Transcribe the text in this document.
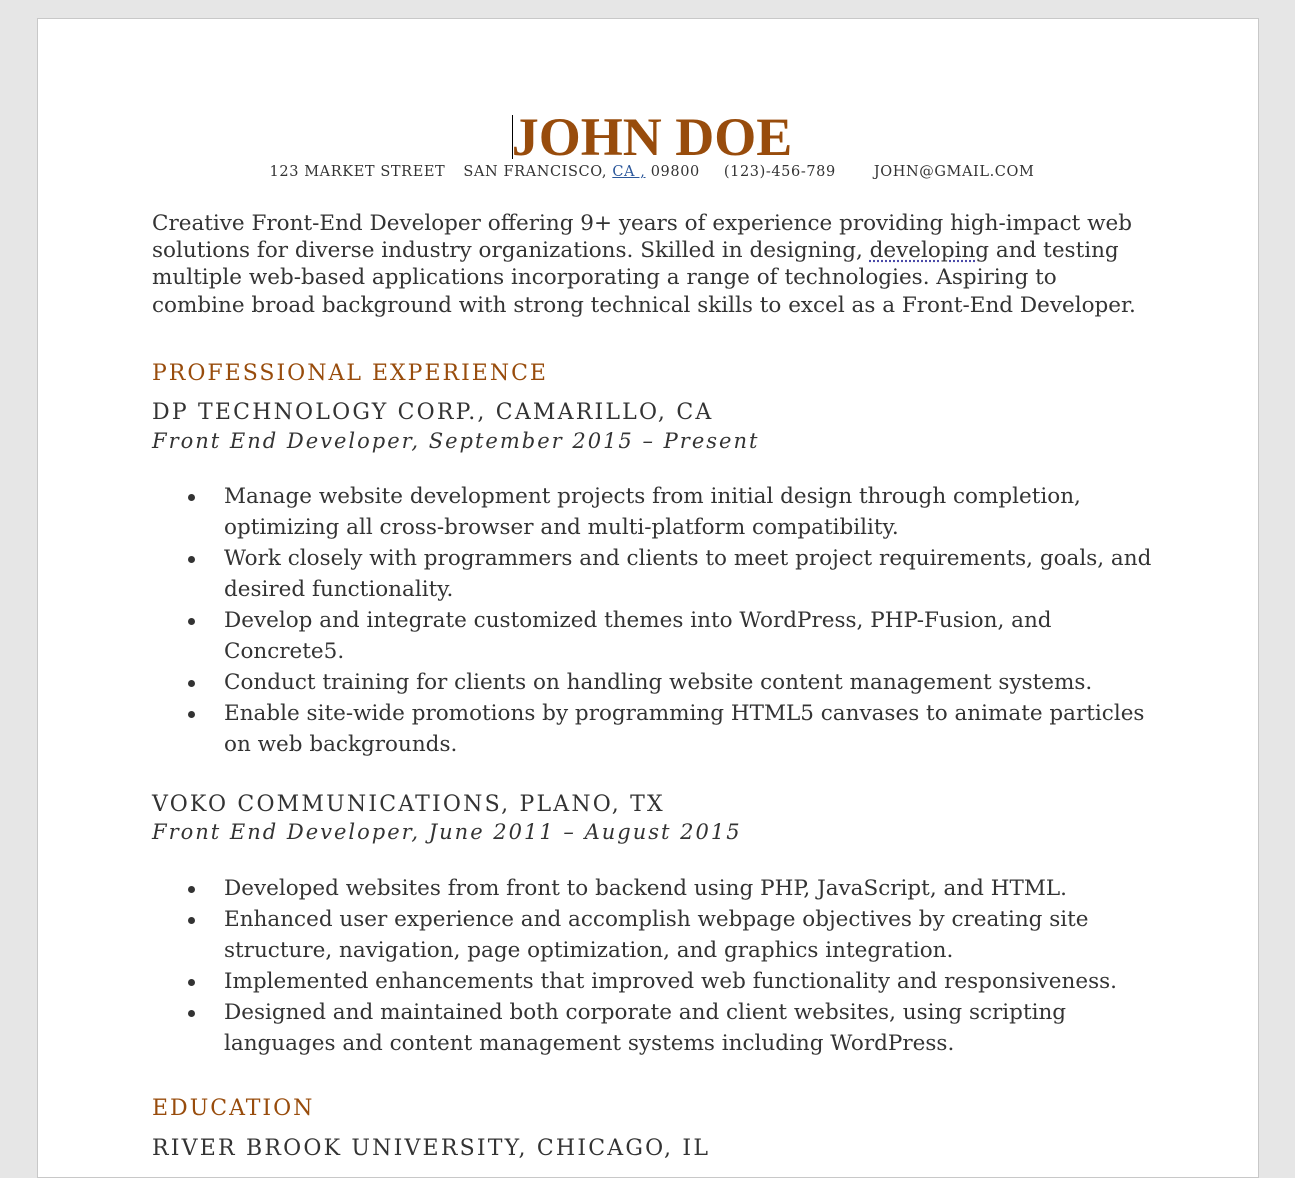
JOHN DOE
123 MARKET STREET SAN FRANCISCO, CA , 09800 (123)-456-789	JOHN@GMAIL.COM
Creative Front-End Developer offering 9+ years of experience providing high-impact web solutions for diverse industry organizations. Skilled in designing, developing and testing multiple web-based applications incorporating a range of technologies. Aspiring to combine broad background with strong technical skills to excel as a Front-End Developer.
PROFESSIONAL EXPERIENCE
DP TECHNOLOGY CORP., CAMARILLO, CA
Front End Developer, September 2015 – Present
Manage website development projects from initial design through completion, optimizing all cross-browser and multi-platform compatibility.
Work closely with programmers and clients to meet project requirements, goals, and desired functionality.
Develop and integrate customized themes into WordPress, PHP-Fusion, and Concrete5.
Conduct training for clients on handling website content management systems.
Enable site-wide promotions by programming HTML5 canvases to animate particles on web backgrounds.
VOKO COMMUNICATIONS, PLANO, TX
Front End Developer, June 2011 – August 2015
Developed websites from front to backend using PHP, JavaScript, and HTML.
Enhanced user experience and accomplish webpage objectives by creating site structure, navigation, page optimization, and graphics integration.
Implemented enhancements that improved web functionality and responsiveness.
Designed and maintained both corporate and client websites, using scripting languages and content management systems including WordPress.
EDUCATION
RIVER BROOK UNIVERSITY, CHICAGO, IL
